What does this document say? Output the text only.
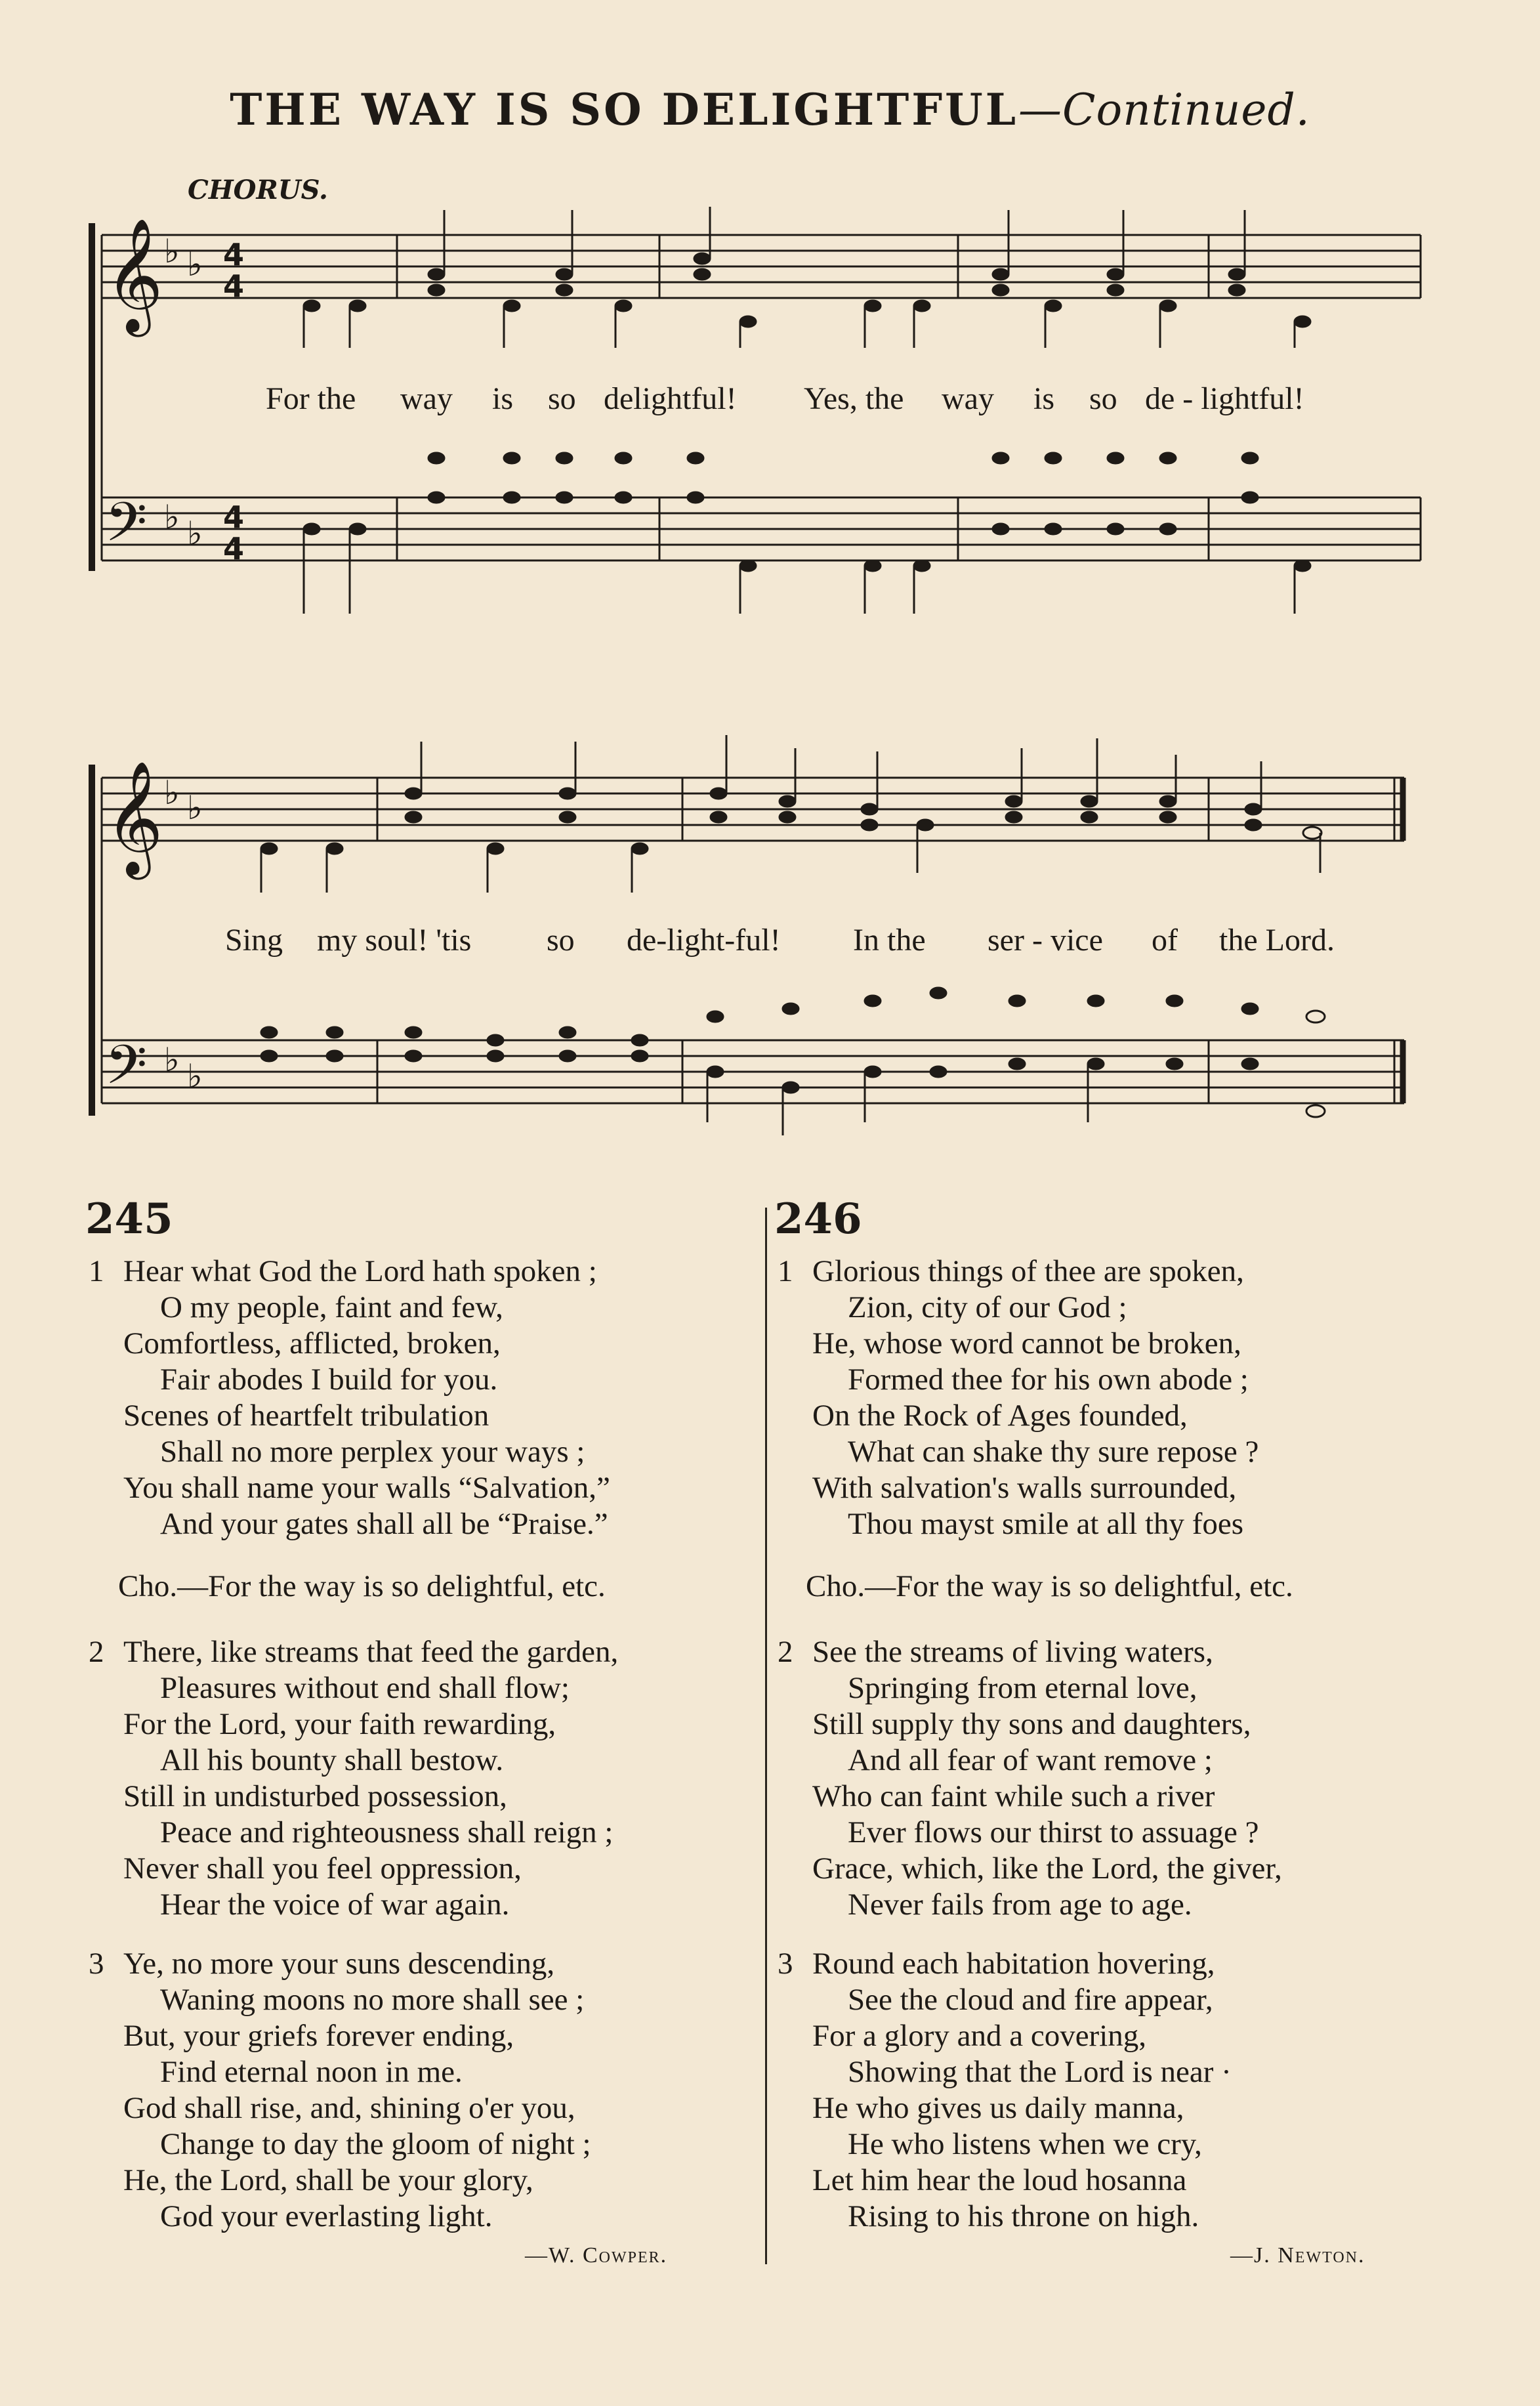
THE WAY IS SO DELIGHTFUL—Continued.
CHORUS.
𝄞
𝄢
𝄞
𝄢
♭ ♭
♭ ♭
♭ ♭
♭ ♭
4
4
4
4
For the way is so delightful! Yes, the way is so de - lightful!
Sing my soul! 'tis so de-light-ful! In the ser - vice of the Lord.
245	246
1 Hear what God the Lord hath spoken ;
O my people, faint and few,
Comfortless, afflicted, broken,
Fair abodes I build for you.
Scenes of heartfelt tribulation
Shall no more perplex your ways ;
You shall name your walls “Salvation,”
And your gates shall all be “Praise.”
Cho.—For the way is so delightful, etc.
2 There, like streams that feed the garden,
Pleasures without end shall flow;
For the Lord, your faith rewarding,
All his bounty shall bestow.
Still in undisturbed possession,
Peace and righteousness shall reign ;
Never shall you feel oppression,
Hear the voice of war again.
3 Ye, no more your suns descending,
Waning moons no more shall see ;
But, your griefs forever ending,
Find eternal noon in me.
God shall rise, and, shining o'er you,
Change to day the gloom of night ;
He, the Lord, shall be your glory,
God your everlasting light.
—W. Cowper.
1 Glorious things of thee are spoken,
Zion, city of our God ;
He, whose word cannot be broken,
Formed thee for his own abode ;
On the Rock of Ages founded,
What can shake thy sure repose ?
With salvation's walls surrounded,
Thou mayst smile at all thy foes
Cho.—For the way is so delightful, etc.
2 See the streams of living waters,
Springing from eternal love,
Still supply thy sons and daughters,
And all fear of want remove ;
Who can faint while such a river
Ever flows our thirst to assuage ?
Grace, which, like the Lord, the giver,
Never fails from age to age.
3 Round each habitation hovering,
See the cloud and fire appear,
For a glory and a covering,
Showing that the Lord is near ·
He who gives us daily manna,
He who listens when we cry,
Let him hear the loud hosanna
Rising to his throne on high.
—J. Newton.
